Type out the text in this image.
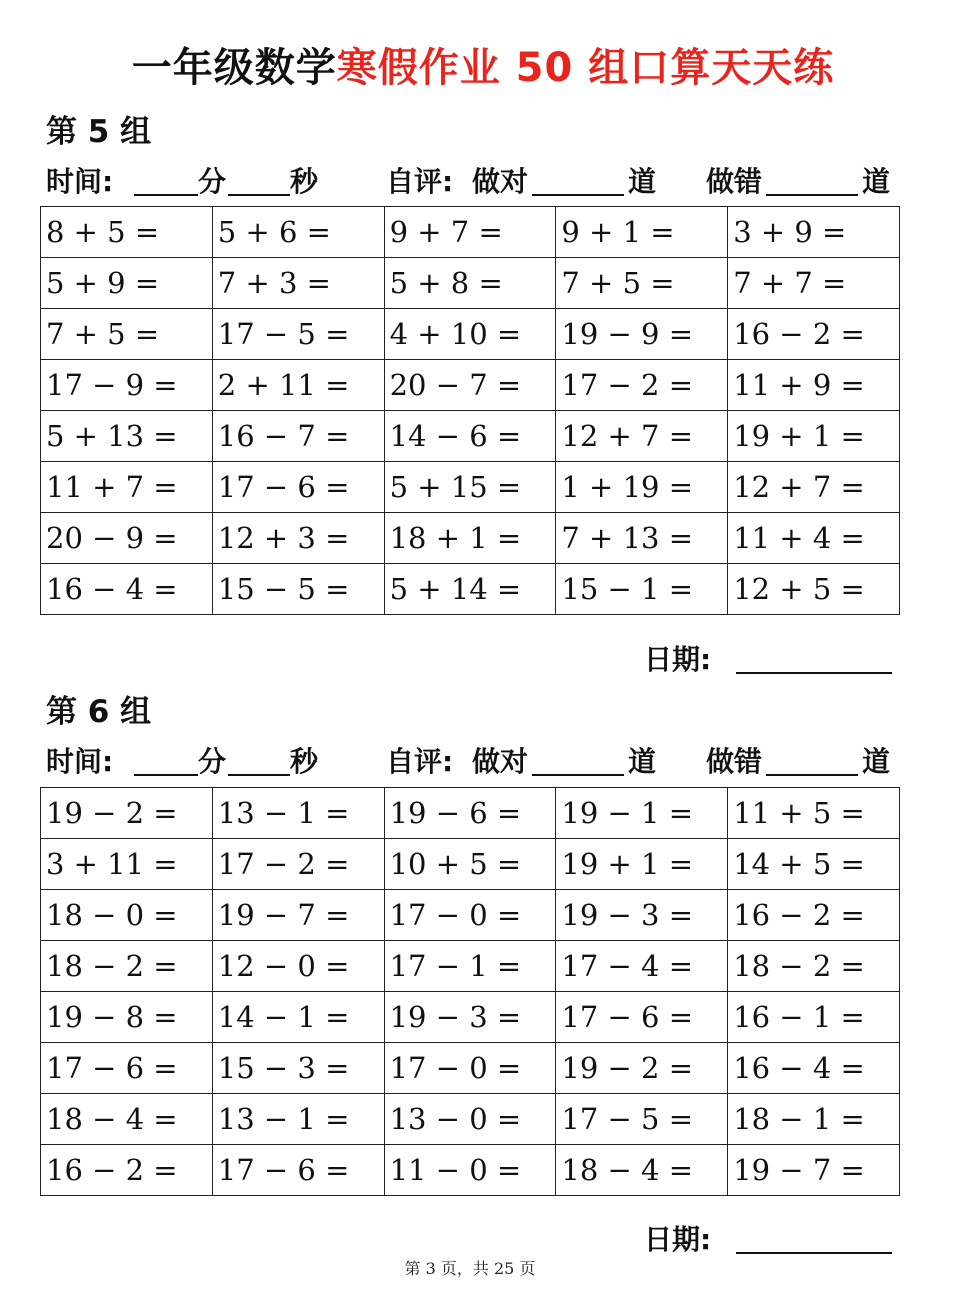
一年级数学寒假作业 50 组口算天天练
第 5 组
时间:	分 秒 自评: 做对	道 做错	道
8 + 5 =	5 + 6 =	9 + 7 =	9 + 1 =	3 + 9 =
5 + 9 =	7 + 3 =	5 + 8 =	7 + 5 =	7 + 7 =
7 + 5 =	17 − 5 =	4 + 10 =	19 − 9 =	16 − 2 =
17 − 9 =	2 + 11 =	20 − 7 =	17 − 2 =	11 + 9 =
5 + 13 =	16 − 7 =	14 − 6 =	12 + 7 =	19 + 1 =
11 + 7 =	17 − 6 =	5 + 15 =	1 + 19 =	12 + 7 =
20 − 9 =	12 + 3 =	18 + 1 =	7 + 13 =	11 + 4 =
16 − 4 =	15 − 5 =	5 + 14 =	15 − 1 =	12 + 5 =
日期:
第 6 组
时间:	分 秒 自评: 做对	道 做错	道
19 − 2 =	13 − 1 =	19 − 6 =	19 − 1 =	11 + 5 =
3 + 11 =	17 − 2 =	10 + 5 =	19 + 1 =	14 + 5 =
18 − 0 =	19 − 7 =	17 − 0 =	19 − 3 =	16 − 2 =
18 − 2 =	12 − 0 =	17 − 1 =	17 − 4 =	18 − 2 =
19 − 8 =	14 − 1 =	19 − 3 =	17 − 6 =	16 − 1 =
17 − 6 =	15 − 3 =	17 − 0 =	19 − 2 =	16 − 4 =
18 − 4 =	13 − 1 =	13 − 0 =	17 − 5 =	18 − 1 =
16 − 2 =	17 − 6 =	11 − 0 =	18 − 4 =	19 − 7 =
日期:
第 3 页，共 25 页
